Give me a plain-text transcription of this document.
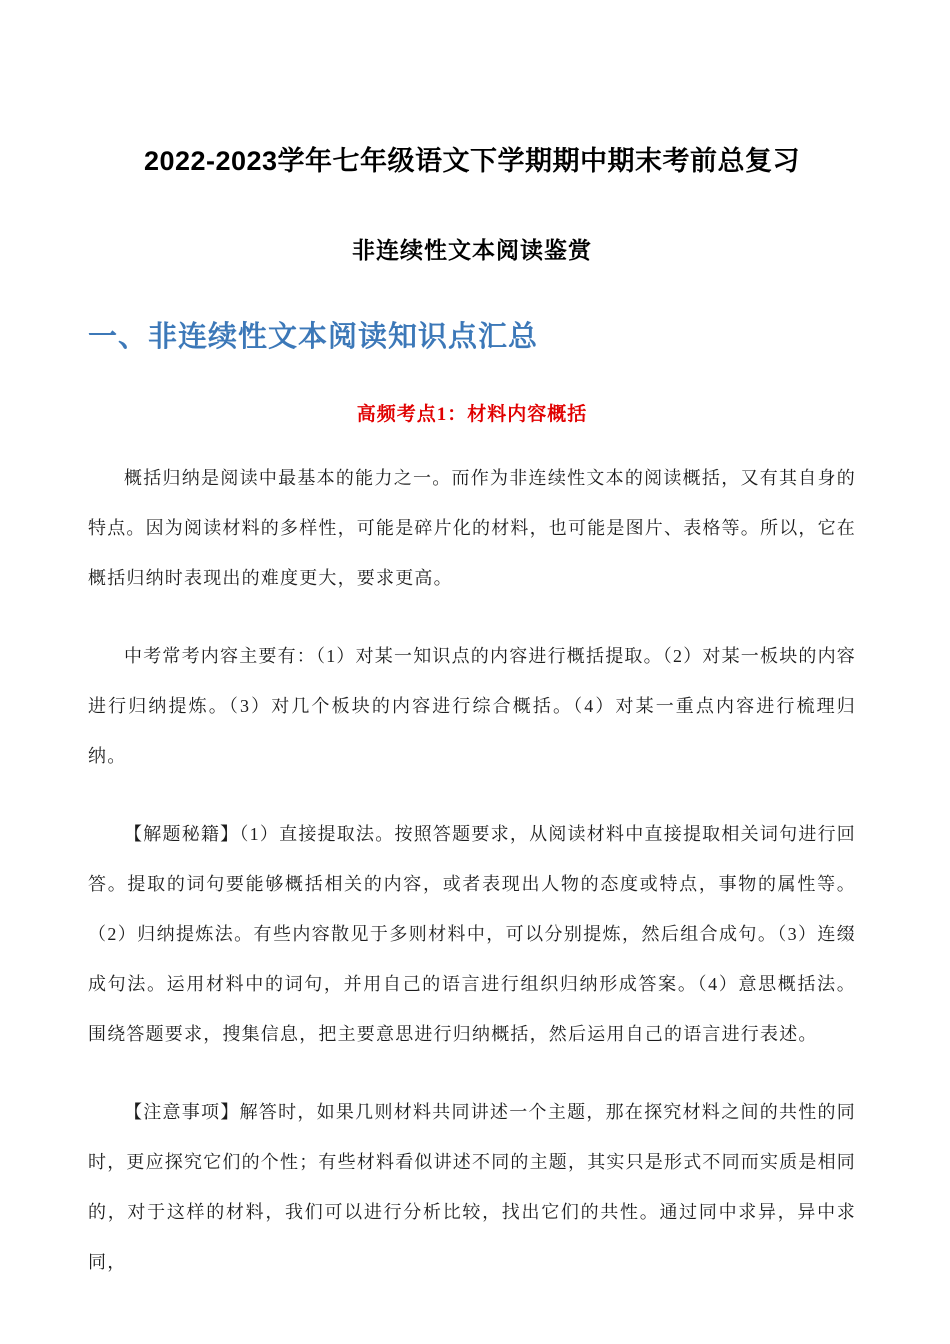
2022-2023学年七年级语文下学期期中期末考前总复习
非连续性文本阅读鉴赏
一、非连续性文本阅读知识点汇总
高频考点1：材料内容概括

概括归纳是阅读中最基本的能力之一。而作为非连续性文本的阅读概括，又有其自身的特点。因为阅读材料的多样性，可能是碎片化的材料，也可能是图片、表格等。所以，它在概括归纳时表现出的难度更大，要求更高。

中考常考内容主要有：（1）对某一知识点的内容进行概括提取。（2）对某一板块的内容进行归纳提炼。（3）对几个板块的内容进行综合概括。（4）对某一重点内容进行梳理归纳。

【解题秘籍】（1）直接提取法。按照答题要求，从阅读材料中直接提取相关词句进行回答。提取的词句要能够概括相关的内容，或者表现出人物的态度或特点，事物的属性等。（2）归纳提炼法。有些内容散见于多则材料中，可以分别提炼，然后组合成句。（3）连缀成句法。运用材料中的词句，并用自己的语言进行组织归纳形成答案。（4）意思概括法。围绕答题要求，搜集信息，把主要意思进行归纳概括，然后运用自己的语言进行表述。

【注意事项】解答时，如果几则材料共同讲述一个主题，那在探究材料之间的共性的同时，更应探究它们的个性；有些材料看似讲述不同的主题，其实只是形式不同而实质是相同的，对于这样的材料，我们可以进行分析比较，找出它们的共性。通过同中求异，异中求同，
